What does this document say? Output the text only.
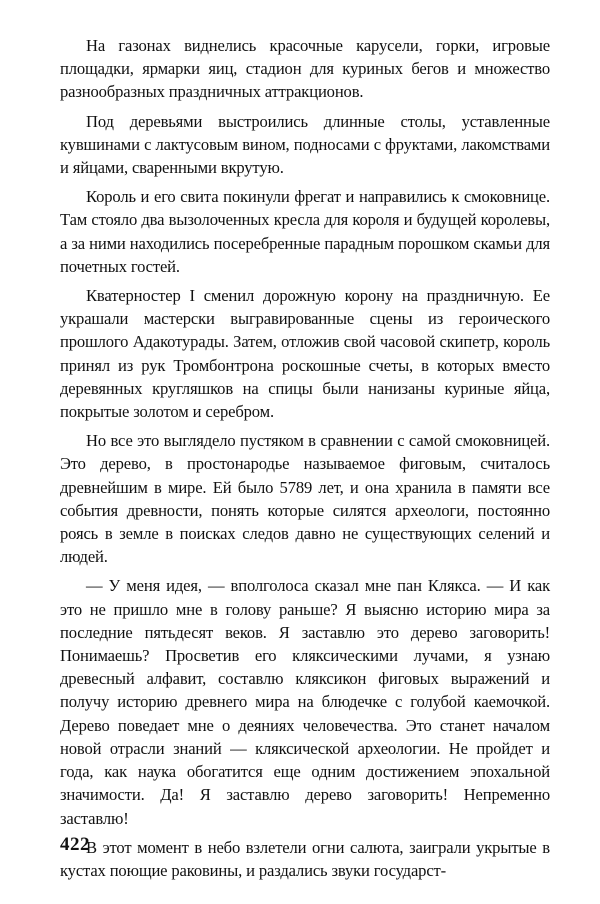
На газонах виднелись красочные карусели, горки, игровые площадки, ярмарки яиц, стадион для куриных бегов и множество разнообразных праздничных аттракционов.

Под деревьями выстроились длинные столы, уставленные кувшинами с лактусовым вином, подносами с фруктами, лакомствами и яйцами, сваренными вкрутую.

Король и его свита покинули фрегат и направились к смоковнице. Там стояло два вызолоченных кресла для короля и будущей королевы, а за ними находились посеребренные парадным порошком скамьи для почетных гостей.

Кватерностер I сменил дорожную корону на праздничную. Ее украшали мастерски выгравированные сцены из героического прошлого Адакотурады. Затем, отложив свой часовой скипетр, король принял из рук Тромбонтрона роскошные счеты, в которых вместо деревянных кругляшков на спицы были нанизаны куриные яйца, покрытые золотом и серебром.

Но все это выглядело пустяком в сравнении с самой смоковницей. Это дерево, в простонародье называемое фиговым, считалось древнейшим в мире. Ей было 5789 лет, и она хранила в памяти все события древности, понять которые силятся археологи, постоянно роясь в земле в поисках следов давно не существующих селений и людей.

— У меня идея, — вполголоса сказал мне пан Клякса. — И как это не пришло мне в голову раньше? Я выясню историю мира за последние пятьдесят веков. Я заставлю это дерево заговорить! Понимаешь? Просветив его кляксическими лучами, я узнаю древесный алфавит, составлю кляксикон фиговых выражений и получу историю древнего мира на блюдечке с голубой каемочкой. Дерево поведает мне о деяниях человечества. Это станет началом новой отрасли знаний — кляксической археологии. Не пройдет и года, как наука обогатится еще одним достижением эпохальной значимости. Да! Я заставлю дерево заговорить! Непременно заставлю!

В этот момент в небо взлетели огни салюта, заиграли укрытые в кустах поющие раковины, и раздались звуки государст-

422
